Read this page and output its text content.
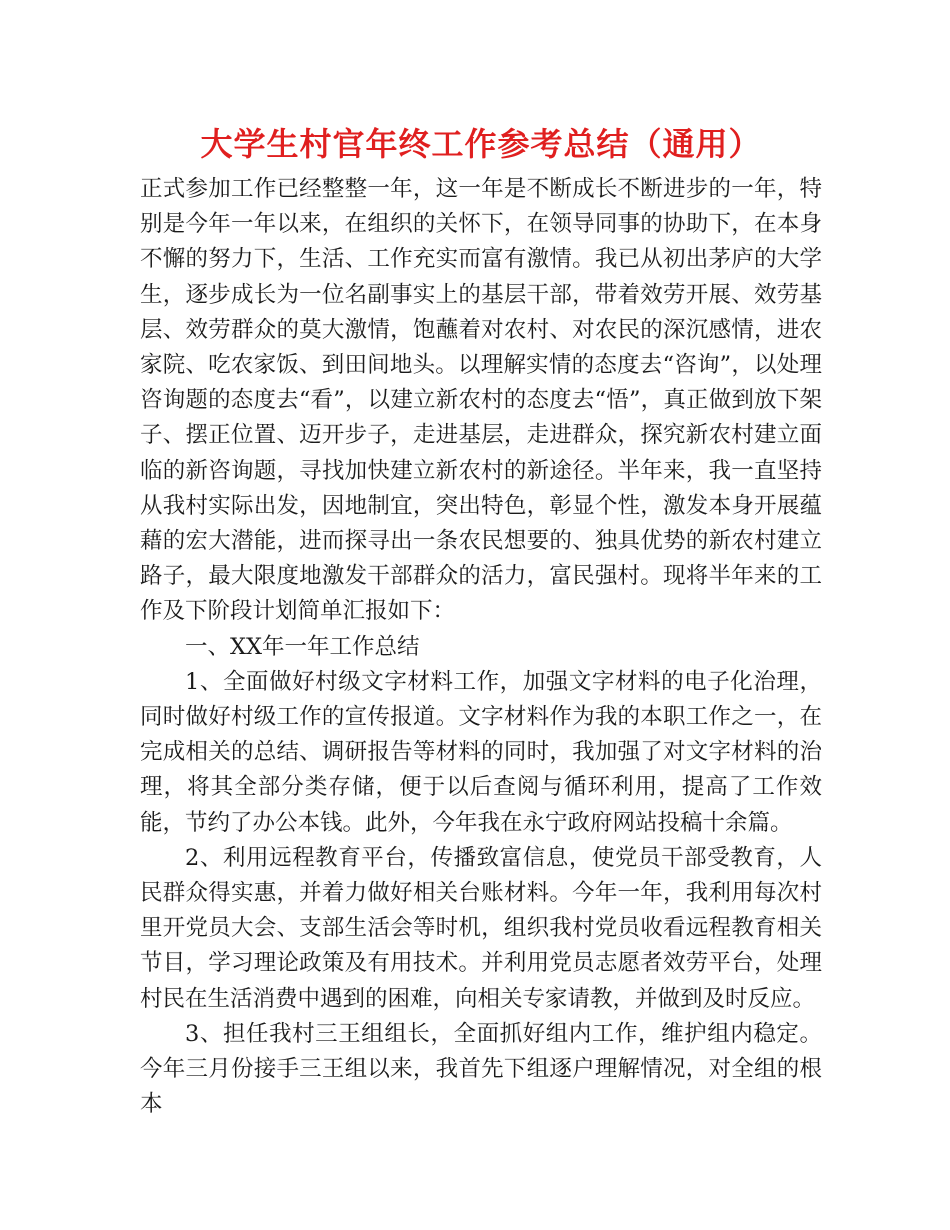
大学生村官年终工作参考总结（通用）

正式参加工作已经整整一年，这一年是不断成长不断进步的一年，特别是今年一年以来，在组织的关怀下，在领导同事的协助下，在本身不懈的努力下，生活、工作充实而富有激情。我已从初出茅庐的大学生，逐步成长为一位名副事实上的基层干部，带着效劳开展、效劳基层、效劳群众的莫大激情，饱蘸着对农村、对农民的深沉感情，进农家院、吃农家饭、到田间地头。以理解实情的态度去“咨询”，以处理咨询题的态度去“看”，以建立新农村的态度去“悟”，真正做到放下架子、摆正位置、迈开步子，走进基层，走进群众，探究新农村建立面临的新咨询题，寻找加快建立新农村的新途径。半年来，我一直坚持从我村实际出发，因地制宜，突出特色，彰显个性，激发本身开展蕴藉的宏大潜能，进而探寻出一条农民想要的、独具优势的新农村建立路子，最大限度地激发干部群众的活力，富民强村。现将半年来的工作及下阶段计划简单汇报如下：

一、XX年一年工作总结

1、全面做好村级文字材料工作，加强文字材料的电子化治理，同时做好村级工作的宣传报道。文字材料作为我的本职工作之一，在完成相关的总结、调研报告等材料的同时，我加强了对文字材料的治理，将其全部分类存储，便于以后查阅与循环利用，提高了工作效能，节约了办公本钱。此外，今年我在永宁政府网站投稿十余篇。

2、利用远程教育平台，传播致富信息，使党员干部受教育，人民群众得实惠，并着力做好相关台账材料。今年一年，我利用每次村里开党员大会、支部生活会等时机，组织我村党员收看远程教育相关节目，学习理论政策及有用技术。并利用党员志愿者效劳平台，处理村民在生活消费中遇到的困难，向相关专家请教，并做到及时反应。

3、担任我村三王组组长，全面抓好组内工作，维护组内稳定。今年三月份接手三王组以来，我首先下组逐户理解情况，对全组的根本
